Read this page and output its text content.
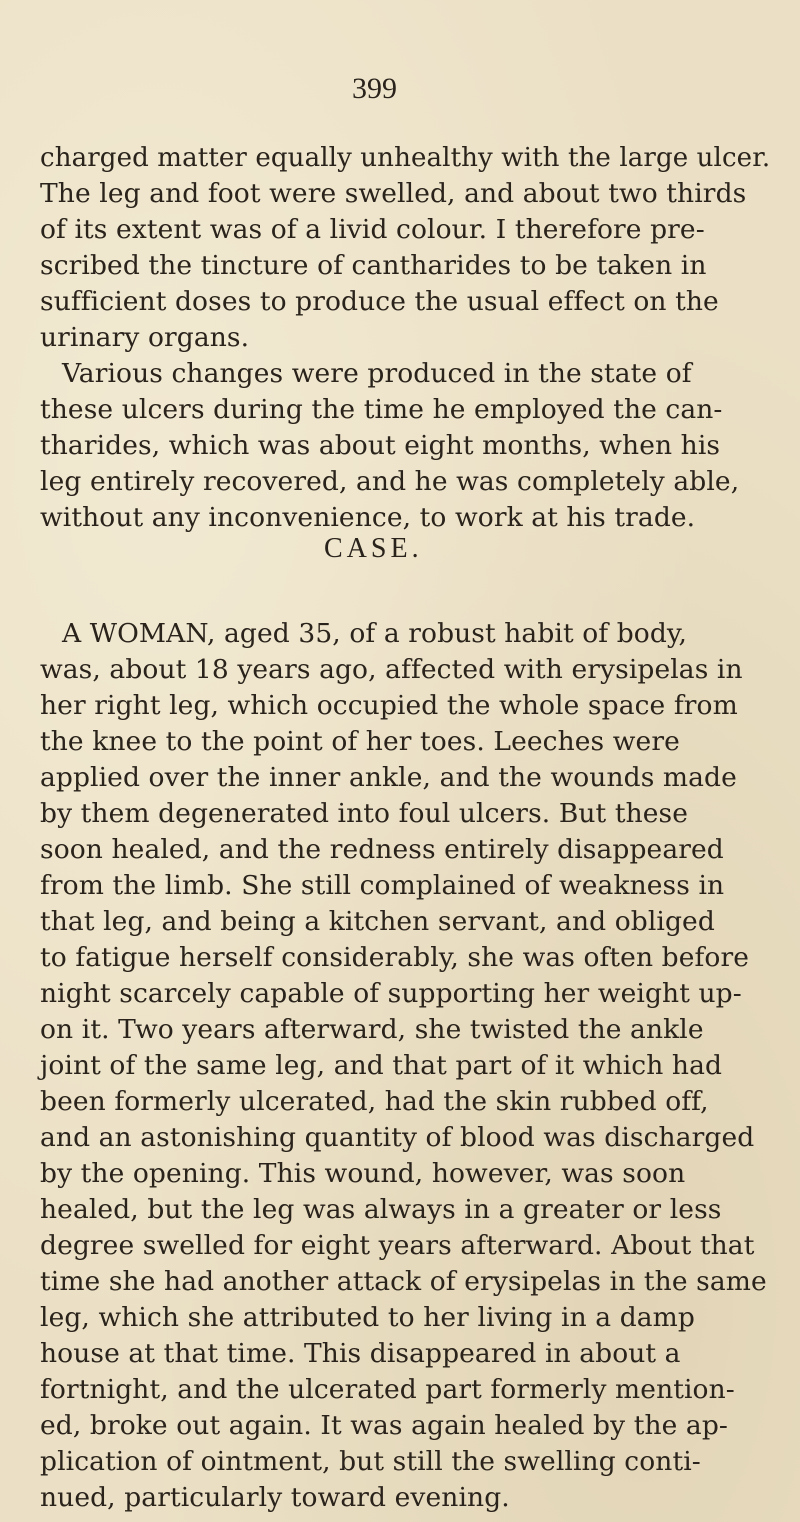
399
charged matter equally unhealthy with the large ulcer.
The leg and foot were swelled, and about two thirds
of its extent was of a livid colour. I therefore pre-
scribed the tincture of cantharides to be taken in
sufficient doses to produce the usual effect on the
urinary organs.
Various changes were produced in the state of
these ulcers during the time he employed the can-
tharides, which was about eight months, when his
leg entirely recovered, and he was completely able,
without any inconvenience, to work at his trade.
CASE.
A WOMAN, aged 35, of a robust habit of body,
was, about 18 years ago, affected with erysipelas in
her right leg, which occupied the whole space from
the knee to the point of her toes. Leeches were
applied over the inner ankle, and the wounds made
by them degenerated into foul ulcers. But these
soon healed, and the redness entirely disappeared
from the limb. She still complained of weakness in
that leg, and being a kitchen servant, and obliged
to fatigue herself considerably, she was often before
night scarcely capable of supporting her weight up-
on it. Two years afterward, she twisted the ankle
joint of the same leg, and that part of it which had
been formerly ulcerated, had the skin rubbed off,
and an astonishing quantity of blood was discharged
by the opening. This wound, however, was soon
healed, but the leg was always in a greater or less
degree swelled for eight years afterward. About that
time she had another attack of erysipelas in the same
leg, which she attributed to her living in a damp
house at that time. This disappeared in about a
fortnight, and the ulcerated part formerly mention-
ed, broke out again. It was again healed by the ap-
plication of ointment, but still the swelling conti-
nued, particularly toward evening.
